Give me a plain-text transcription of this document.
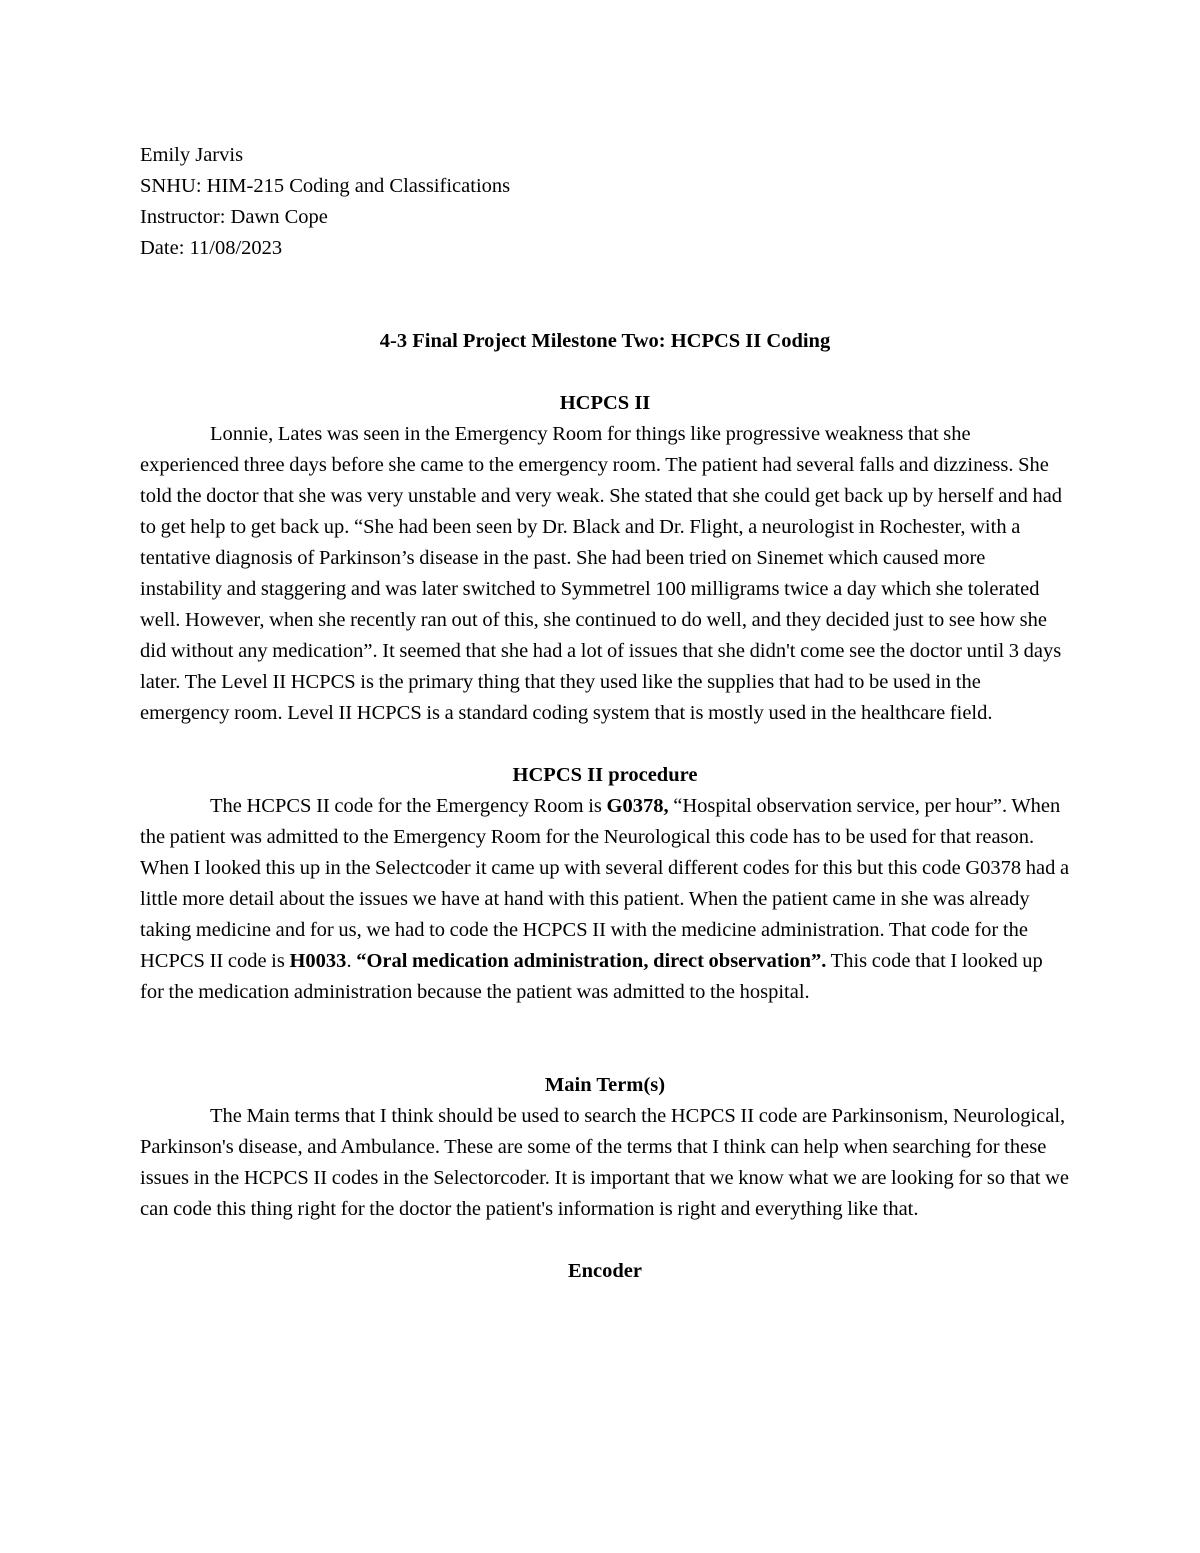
Emily Jarvis

SNHU: HIM-215 Coding and Classifications

Instructor: Dawn Cope

Date: 11/08/2023

4-3 Final Project Milestone Two: HCPCS II Coding

HCPCS II

Lonnie, Lates was seen in the Emergency Room for things like progressive weakness that she experienced three days before she came to the emergency room. The patient had several falls and dizziness. She told the doctor that she was very unstable and very weak. She stated that she could get back up by herself and had to get help to get back up. “She had been seen by Dr. Black and Dr. Flight, a neurologist in Rochester, with a tentative diagnosis of Parkinson’s disease in the past. She had been tried on Sinemet which caused more instability and staggering and was later switched to Symmetrel 100 milligrams twice a day which she tolerated well. However, when she recently ran out of this, she continued to do well, and they decided just to see how she did without any medication”. It seemed that she had a lot of issues that she didn't come see the doctor until 3 days later. The Level II HCPCS is the primary thing that they used like the supplies that had to be used in the emergency room. Level II HCPCS is a standard coding system that is mostly used in the healthcare field.

HCPCS II procedure

The HCPCS II code for the Emergency Room is G0378, “Hospital observation service, per hour”. When the patient was admitted to the Emergency Room for the Neurological this code has to be used for that reason. When I looked this up in the Selectcoder it came up with several different codes for this but this code G0378 had a little more detail about the issues we have at hand with this patient. When the patient came in she was already taking medicine and for us, we had to code the HCPCS II with the medicine administration. That code for the HCPCS II code is H0033. “Oral medication administration, direct observation”. This code that I looked up for the medication administration because the patient was admitted to the hospital.

Main Term(s)

The Main terms that I think should be used to search the HCPCS II code are Parkinsonism, Neurological, Parkinson's disease, and Ambulance. These are some of the terms that I think can help when searching for these issues in the HCPCS II codes in the Selectorcoder. It is important that we know what we are looking for so that we can code this thing right for the doctor the patient's information is right and everything like that.

Encoder
